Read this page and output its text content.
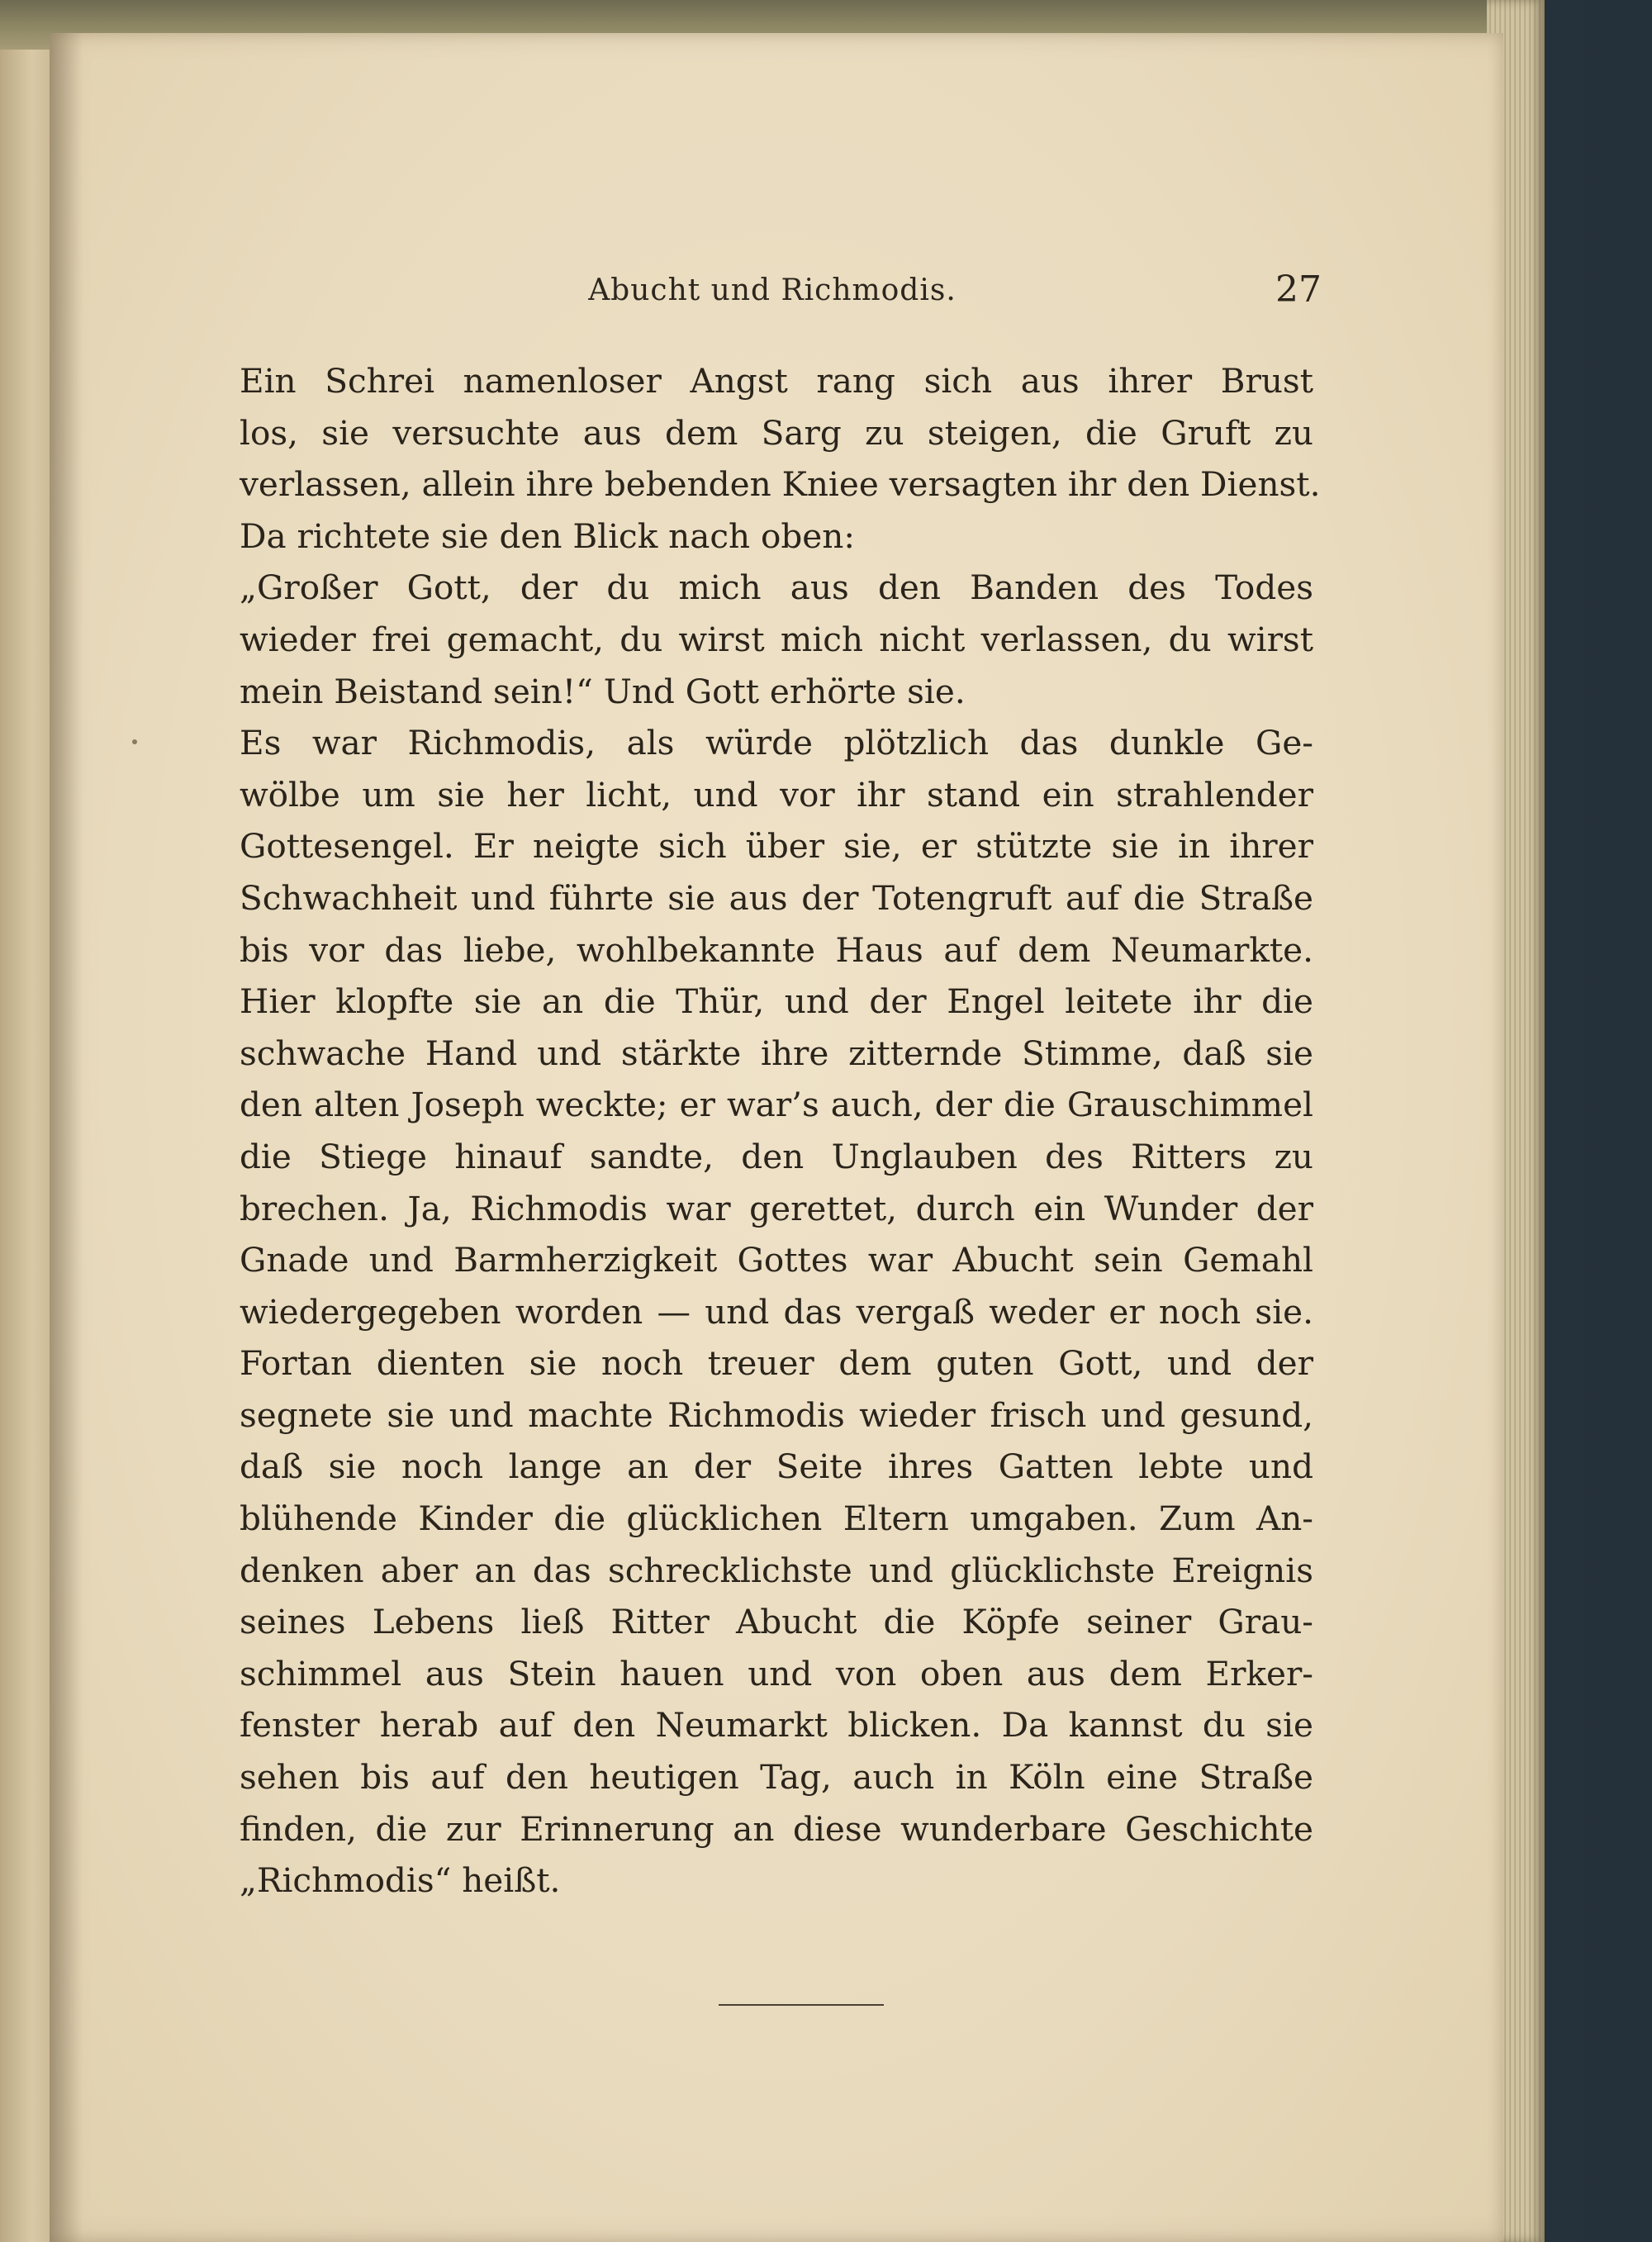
Abucht und Richmodis.	27
Ein Schrei namenloser Angst rang sich aus ihrer Brust
los, sie versuchte aus dem Sarg zu steigen, die Gruft zu
verlassen, allein ihre bebenden Kniee versagten ihr den Dienst.
Da richtete sie den Blick nach oben:
„Großer Gott, der du mich aus den Banden des Todes
wieder frei gemacht, du wirst mich nicht verlassen, du wirst
mein Beistand sein!“ Und Gott erhörte sie.
Es war Richmodis, als würde plötzlich das dunkle Ge-
wölbe um sie her licht, und vor ihr stand ein strahlender
Gottesengel. Er neigte sich über sie, er stützte sie in ihrer
Schwachheit und führte sie aus der Totengruft auf die Straße
bis vor das liebe, wohlbekannte Haus auf dem Neumarkte.
Hier klopfte sie an die Thür, und der Engel leitete ihr die
schwache Hand und stärkte ihre zitternde Stimme, daß sie
den alten Joseph weckte; er war’s auch, der die Grauschimmel
die Stiege hinauf sandte, den Unglauben des Ritters zu
brechen. Ja, Richmodis war gerettet, durch ein Wunder der
Gnade und Barmherzigkeit Gottes war Abucht sein Gemahl
wiedergegeben worden — und das vergaß weder er noch sie.
Fortan dienten sie noch treuer dem guten Gott, und der
segnete sie und machte Richmodis wieder frisch und gesund,
daß sie noch lange an der Seite ihres Gatten lebte und
blühende Kinder die glücklichen Eltern umgaben. Zum An-
denken aber an das schrecklichste und glücklichste Ereignis
seines Lebens ließ Ritter Abucht die Köpfe seiner Grau-
schimmel aus Stein hauen und von oben aus dem Erker-
fenster herab auf den Neumarkt blicken. Da kannst du sie
sehen bis auf den heutigen Tag, auch in Köln eine Straße
finden, die zur Erinnerung an diese wunderbare Geschichte
„Richmodis“ heißt.
